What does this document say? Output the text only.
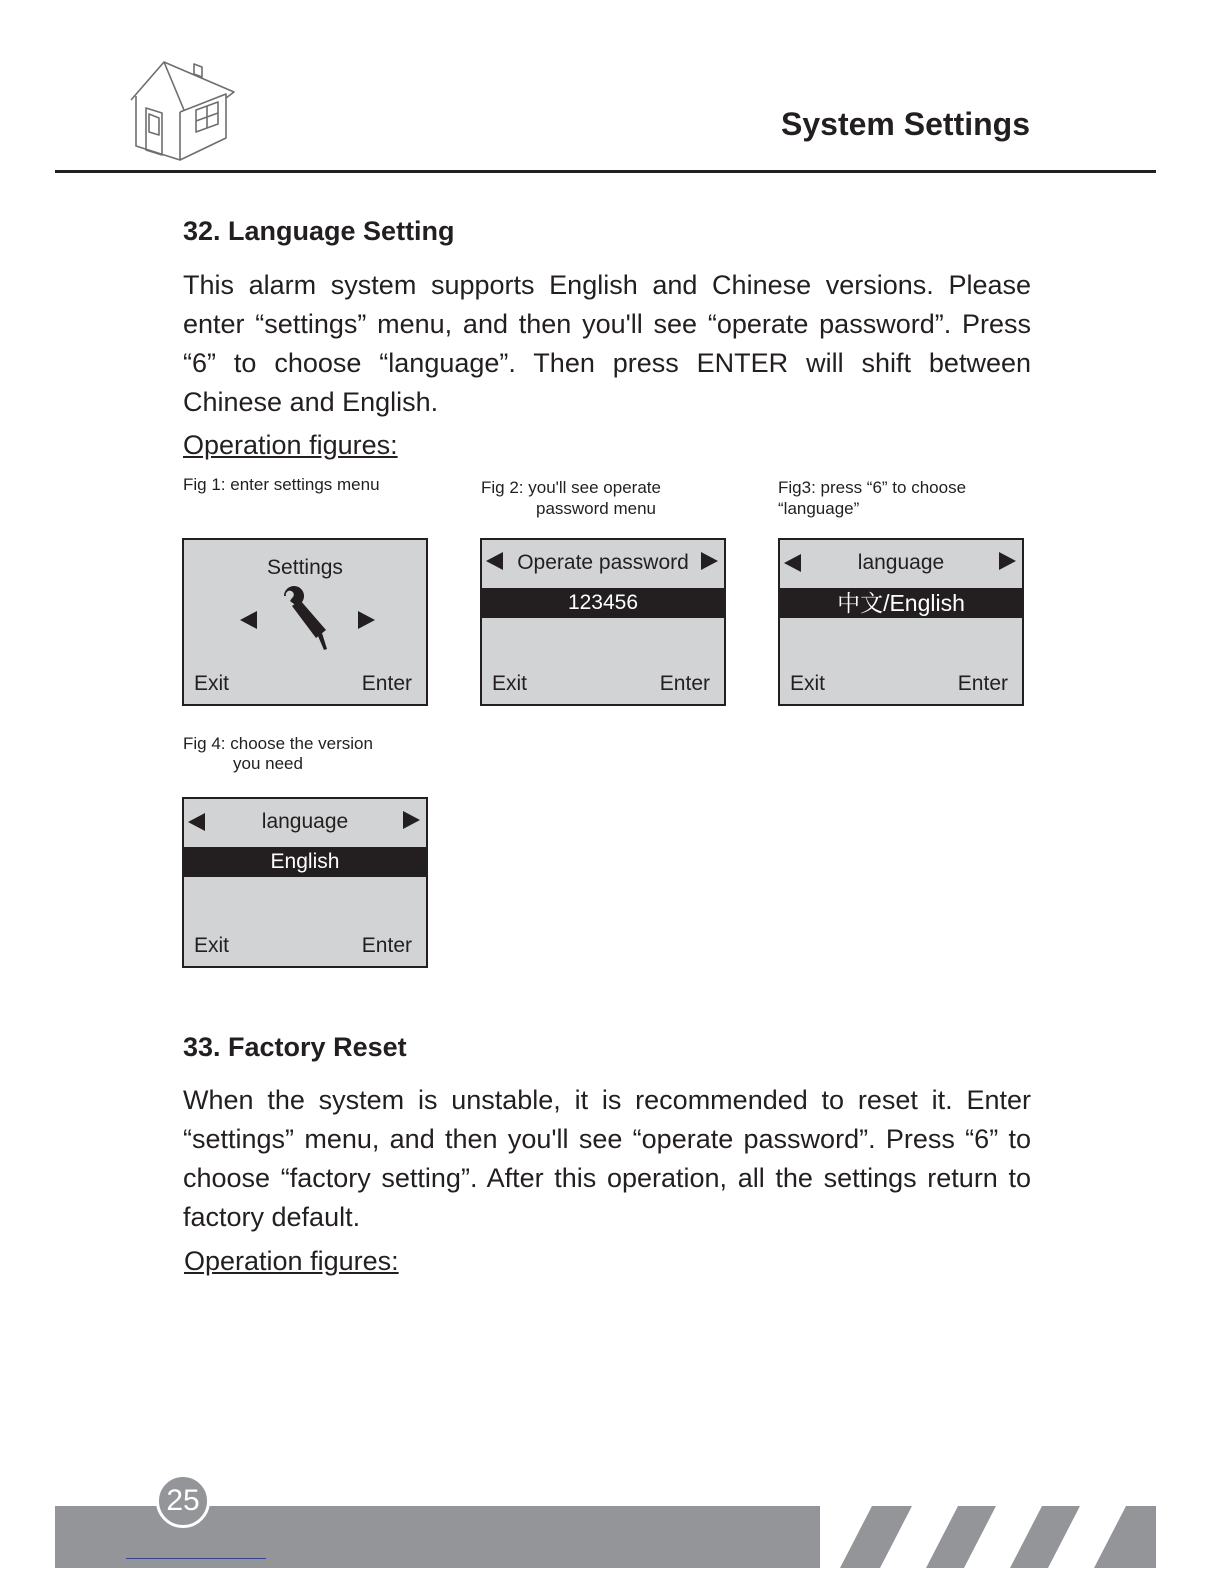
System Settings
32. Language Setting

This alarm system supports English and Chinese versions. Please enter “settings” menu, and then you'll see “operate password”. Press “6” to choose “language”. Then press ENTER will shift between Chinese and English.

Operation figures:
Fig 1: enter settings menu	Fig 2: you'll see operate
password menu
Fig3: press “6” to choose
“language”
Settings
Exit	Enter
Operate password
123456
Exit	Enter
language
中文/English
Exit	Enter
Fig 4: choose the version
you need
language
English
Exit	Enter
33. Factory Reset

When the system is unstable, it is recommended to reset it. Enter “settings” menu, and then you'll see “operate password”. Press “6” to choose “factory setting”. After this operation, all the settings return to factory default.

Operation figures:
25
